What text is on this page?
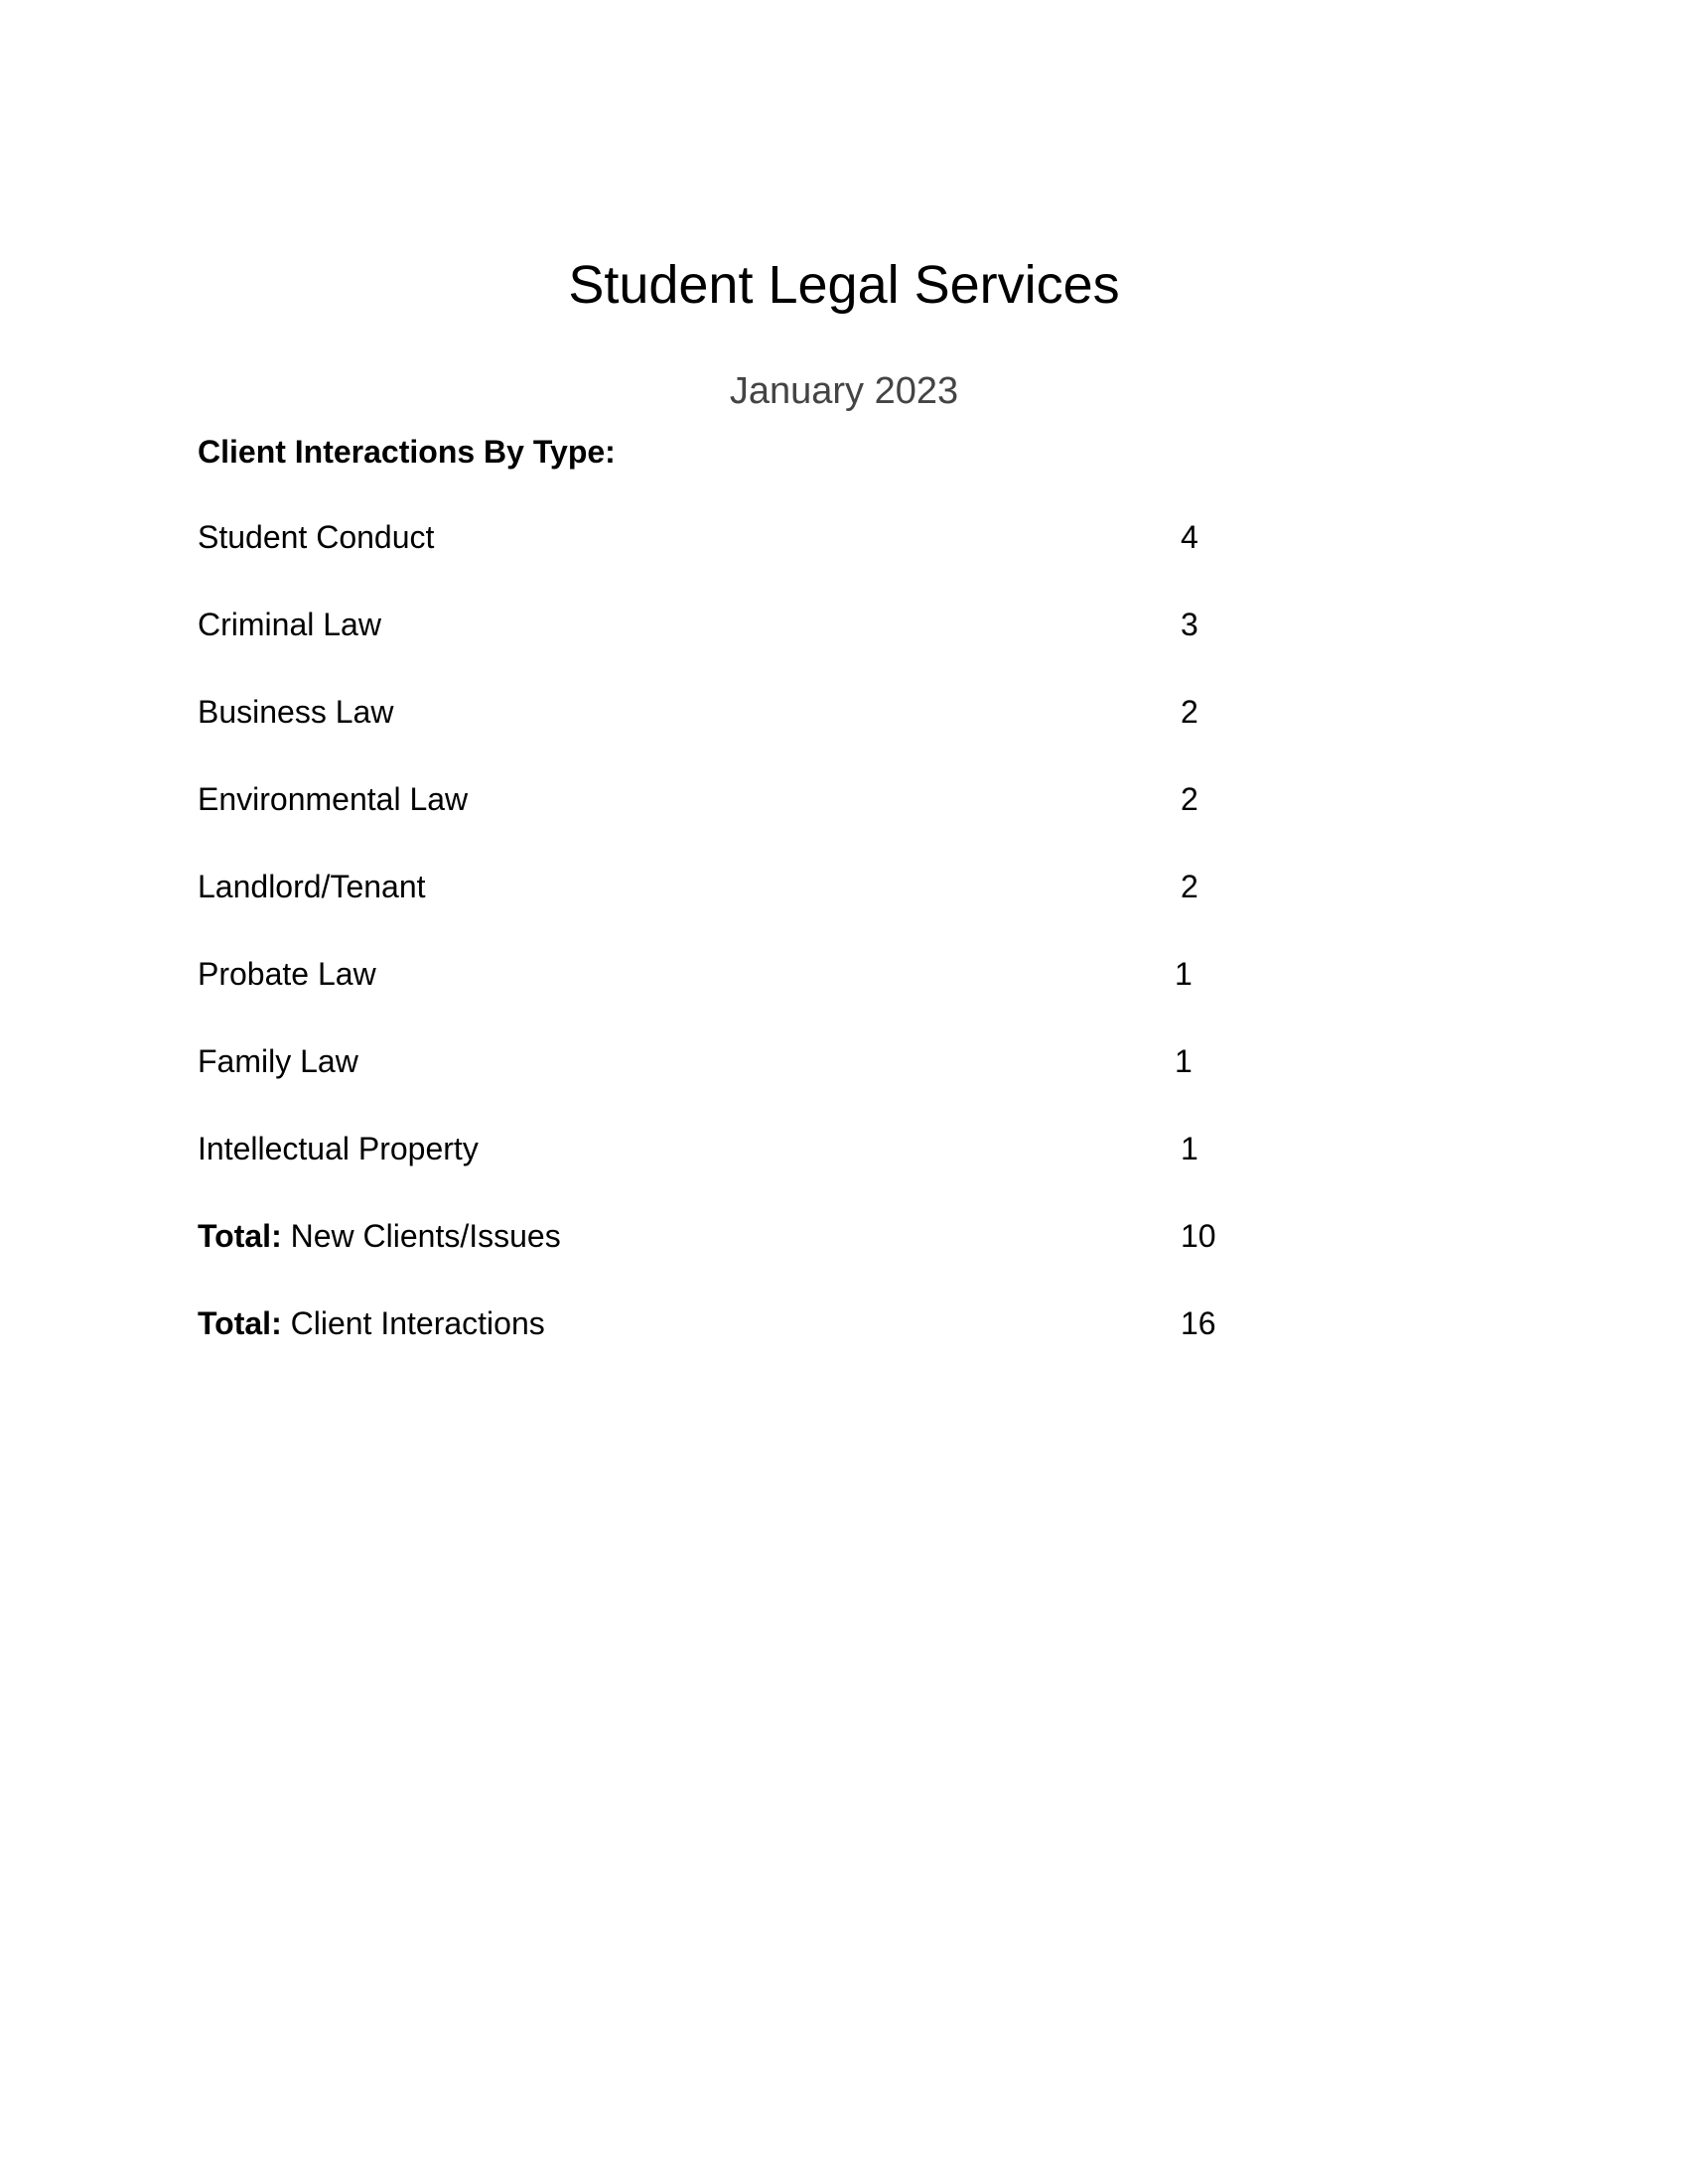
Student Legal Services
January 2023
Client Interactions By Type:
Student Conduct	4
Criminal Law	3
Business Law	2
Environmental Law	2
Landlord/Tenant	2
Probate Law	1
Family Law	1
Intellectual Property	1
Total: New Clients/Issues	10
Total: Client Interactions	16
